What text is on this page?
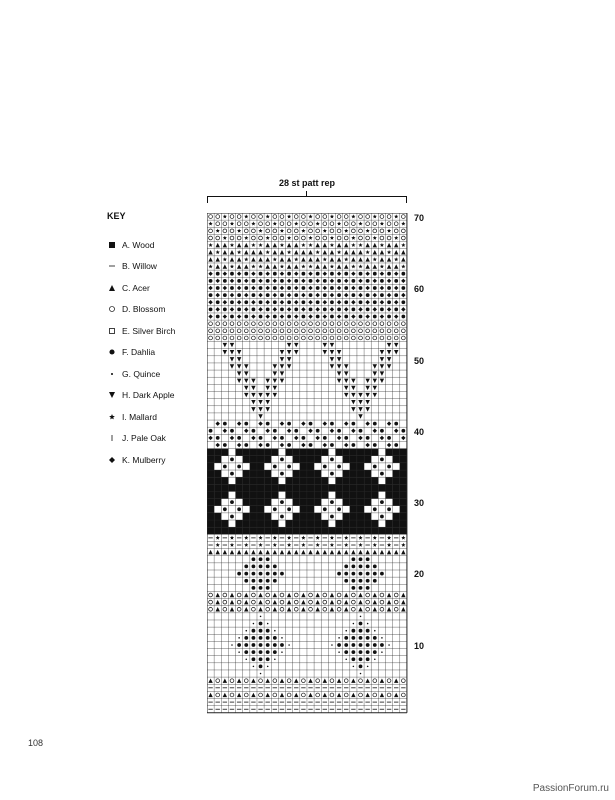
28 st patt rep
KEY
A. Wood
B. Willow
C. Acer
D. Blossom
E. Silver Birch
F. Dahlia
G. Quince
H. Dark Apple
I. Mallard
J. Pale Oak
K. Mulberry
70
60
50
40
30
20
10
108
PassionForum.ru
